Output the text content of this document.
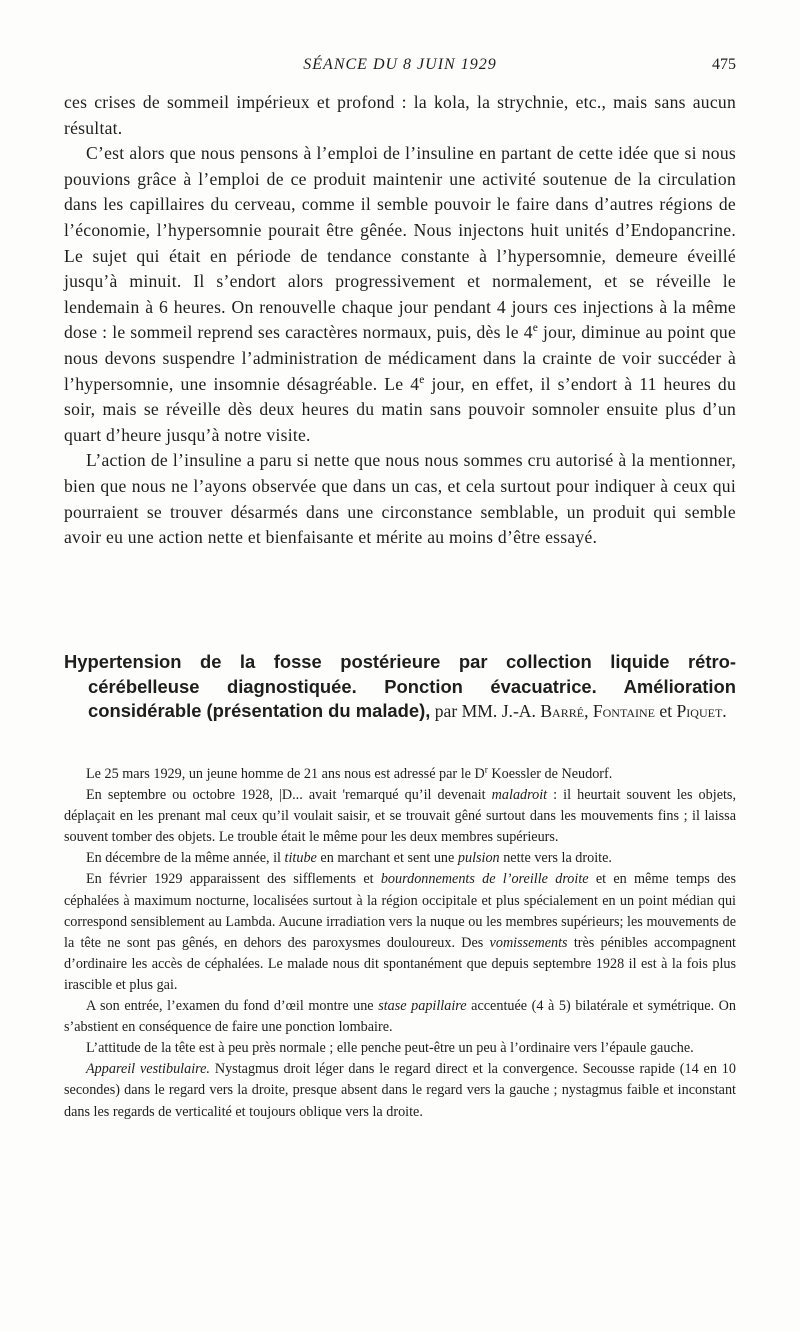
SÉANCE DU 8 JUIN 1929	475

ces crises de sommeil impérieux et profond : la kola, la strychnie, etc., mais sans aucun résultat.

C’est alors que nous pensons à l’emploi de l’insuline en partant de cette idée que si nous pouvions grâce à l’emploi de ce produit maintenir une activité soutenue de la circulation dans les capillaires du cerveau, comme il semble pouvoir le faire dans d’autres régions de l’économie, l’hypersomnie pourait être gênée. Nous injectons huit unités d’Endopancrine. Le sujet qui était en période de tendance constante à l’hypersomnie, demeure éveillé jusqu’à minuit. Il s’endort alors progressivement et normalement, et se réveille le lendemain à 6 heures. On renouvelle chaque jour pendant 4 jours ces injections à la même dose : le sommeil reprend ses caractères normaux, puis, dès le 4e jour, diminue au point que nous devons suspendre l’administration de médicament dans la crainte de voir succéder à l’hypersomnie, une insomnie désagréable. Le 4e jour, en effet, il s’endort à 11 heures du soir, mais se réveille dès deux heures du matin sans pouvoir somnoler ensuite plus d’un quart d’heure jusqu’à notre visite.

L’action de l’insuline a paru si nette que nous nous sommes cru autorisé à la mentionner, bien que nous ne l’ayons observée que dans un cas, et cela surtout pour indiquer à ceux qui pourraient se trouver désarmés dans une circonstance semblable, un produit qui semble avoir eu une action nette et bienfaisante et mérite au moins d’être essayé.

Hypertension de la fosse postérieure par collection liquide rétro-cérébelleuse diagnostiquée. Ponction évacuatrice. Amélioration considérable (présentation du malade), par MM. J.-A. Barré, Fontaine et Piquet.

Le 25 mars 1929, un jeune homme de 21 ans nous est adressé par le $D^r$ Koessler de Neudorf.

En septembre ou octobre 1928, |D... avait 'remarqué qu’il devenait maladroit : il heurtait souvent les objets, déplaçait en les prenant mal ceux qu’il voulait saisir, et se trouvait gêné surtout dans les mouvements fins ; il laissa souvent tomber des objets. Le trouble était le même pour les deux membres supérieurs.

En décembre de la même année, il titube en marchant et sent une pulsion nette vers la droite.

En février 1929 apparaissent des sifflements et bourdonnements de l’oreille droite et en même temps des céphalées à maximum nocturne, localisées surtout à la région occipitale et plus spécialement en un point médian qui correspond sensiblement au Lambda. Aucune irradiation vers la nuque ou les membres supérieurs; les mouvements de la tête ne sont pas gênés, en dehors des paroxysmes douloureux. Des vomissements très pénibles accompagnent d’ordinaire les accès de céphalées. Le malade nous dit spontanément que depuis septembre 1928 il est à la fois plus irascible et plus gai.

A son entrée, l’examen du fond d’œil montre une stase papillaire accentuée (4 à 5) bilatérale et symétrique. On s’abstient en conséquence de faire une ponction lombaire.

L’attitude de la tête est à peu près normale ; elle penche peut-être un peu à l’ordinaire vers l’épaule gauche.

Appareil vestibulaire. Nystagmus droit léger dans le regard direct et la convergence. Secousse rapide (14 en 10 secondes) dans le regard vers la droite, presque absent dans le regard vers la gauche ; nystagmus faible et inconstant dans les regards de verticalité et toujours oblique vers la droite.
